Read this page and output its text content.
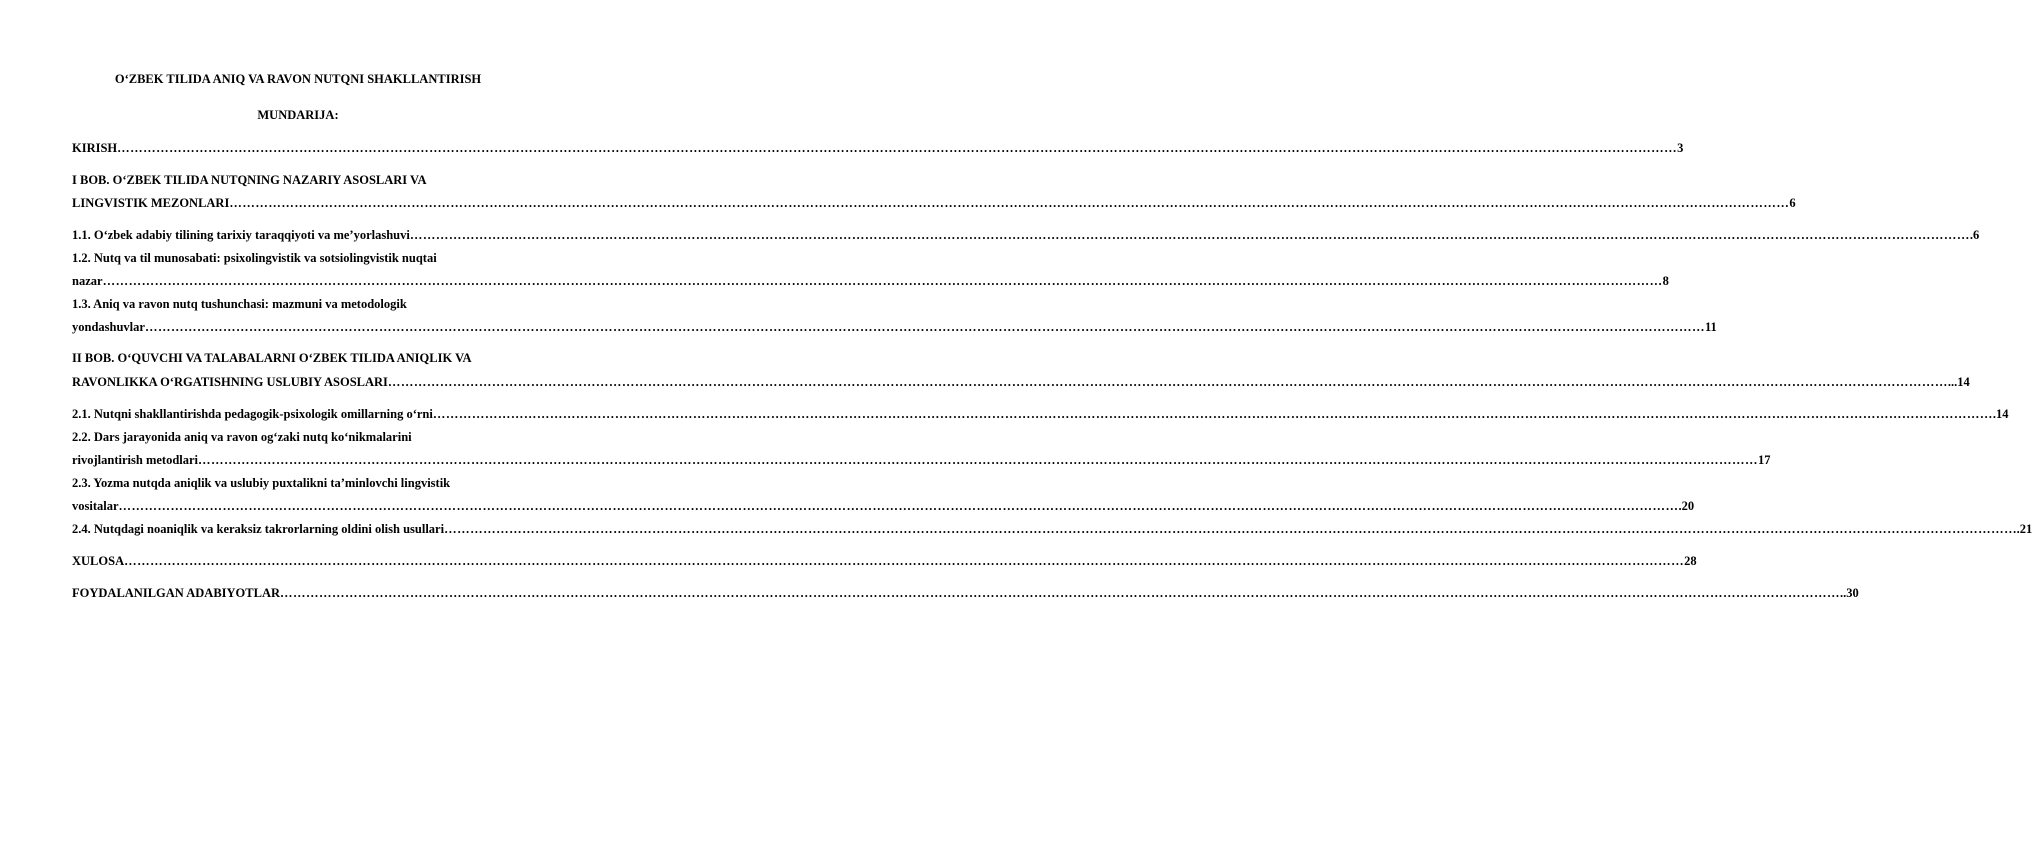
O‘ZBEK TILIDA ANIQ VA RAVON NUTQNI SHAKLLANTIRISH
MUNDARIJA:
KIRISH ……………………………………………………………………………………………………………………………………………………………………………………………………………………………………………………………………………………………………………………………… 3
I BOB. O‘ZBEK TILIDA NUTQNING NAZARIY ASOSLARI VA
LINGVISTIK MEZONLARI ……………………………………………………………………………………………………………………………………………………………………………………………………………………………………………………………………………………………………………………………… 6
1.1. O‘zbek adabiy tilining tarixiy taraqqiyoti va me’yorlashuvi ……………………………………………………………………………………………………………………………………………………………………………………………………………………………………………………………………………………………………………………………… .6
1.2. Nutq va til munosabati: psixolingvistik va sotsiolingvistik nuqtai
nazar ……………………………………………………………………………………………………………………………………………………………………………………………………………………………………………………………………………………………………………………………… 8
1.3. Aniq va ravon nutq tushunchasi: mazmuni va metodologik
yondashuvlar ……………………………………………………………………………………………………………………………………………………………………………………………………………………………………………………………………………………………………………………………… 11
II BOB. O‘QUVCHI VA TALABALARNI O‘ZBEK TILIDA ANIQLIK VA
RAVONLIKKA O‘RGATISHNING USLUBIY ASOSLARI ……………………………………………………………………………………………………………………………………………………………………………………………………………………………………………………………………………………………………………………………… ...14
2.1. Nutqni shakllantirishda pedagogik-psixologik omillarning o‘rni ……………………………………………………………………………………………………………………………………………………………………………………………………………………………………………………………………………………………………………………………… .14
2.2. Dars jarayonida aniq va ravon og‘zaki nutq ko‘nikmalarini
rivojlantirish metodlari ……………………………………………………………………………………………………………………………………………………………………………………………………………………………………………………………………………………………………………………………… 17
2.3. Yozma nutqda aniqlik va uslubiy puxtalikni ta’minlovchi lingvistik
vositalar ……………………………………………………………………………………………………………………………………………………………………………………………………………………………………………………………………………………………………………………………… .20
2.4. Nutqdagi noaniqlik va keraksiz takrorlarning oldini olish usullari ……………………………………………………………………………………………………………………………………………………………………………………………………………………………………………………………………………………………………………………………… ….21
XULOSA ……………………………………………………………………………………………………………………………………………………………………………………………………………………………………………………………………………………………………………………………… 28
FOYDALANILGAN ADABIYOTLAR ……………………………………………………………………………………………………………………………………………………………………………………………………………………………………………………………………………………………………………………………… ..30
